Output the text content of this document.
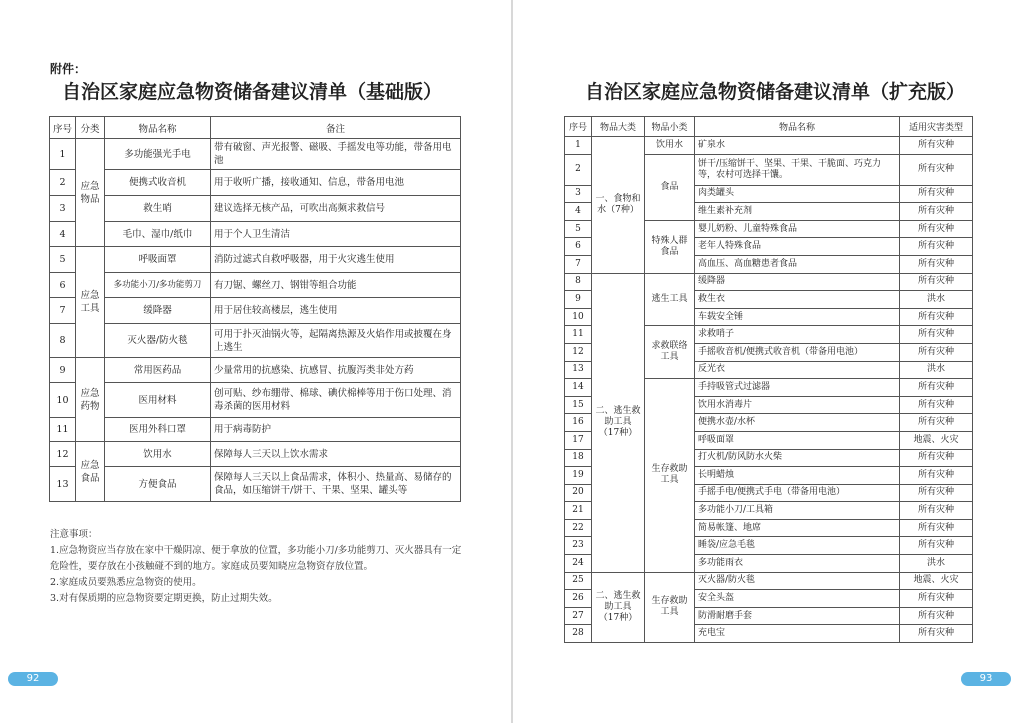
附件：
自治区家庭应急物资储备建议清单（基础版）
序号	分类	物品名称	备注
1	应急物品	多功能强光手电	带有破窗、声光报警、磁吸、手摇发电等功能，带备用电池
2		便携式收音机	用于收听广播，接收通知、信息，带备用电池
3		救生哨	建议选择无核产品，可吹出高频求救信号
4		毛巾、湿巾/纸巾	用于个人卫生清洁
5	应急工具	呼吸面罩	消防过滤式自救呼吸器，用于火灾逃生使用
6		多功能小刀/多功能剪刀	有刀锯、螺丝刀、钢钳等组合功能
7		缓降器	用于居住较高楼层，逃生使用
8		灭火器/防火毯	可用于扑灭油锅火等，起隔离热源及火焰作用或披覆在身上逃生
9	应急药物	常用医药品	少量常用的抗感染、抗感冒、抗腹泻类非处方药
10		医用材料	创可贴、纱布绷带、棉球、碘伏棉棒等用于伤口处理、消毒杀菌的医用材料
11		医用外科口罩	用于病毒防护
12	应急食品	饮用水	保障每人三天以上饮水需求
13		方便食品	保障每人三天以上食品需求，体积小、热量高、易储存的食品，如压缩饼干/饼干、干果、坚果、罐头等

注意事项：

1.应急物资应当存放在家中干燥阴凉、便于拿放的位置，多功能小刀/多功能剪刀、灭火器具有一定危险性，要存放在小孩触碰不到的地方。家庭成员要知晓应急物资存放位置。

2.家庭成员要熟悉应急物资的使用。

3.对有保质期的应急物资要定期更换，防止过期失效。

92
自治区家庭应急物资储备建议清单（扩充版）
序号	物品大类	物品小类	物品名称	适用灾害类型
1	一、食物和水（7种）	饮用水	矿泉水	所有灾种
2		食品	饼干/压缩饼干、坚果、干果、干脆面、巧克力等，农村可选择干馕。	所有灾种
3			肉类罐头	所有灾种
4			维生素补充剂	所有灾种
5		特殊人群食品	婴儿奶粉、儿童特殊食品	所有灾种
6			老年人特殊食品	所有灾种
7			高血压、高血糖患者食品	所有灾种
8	二、逃生救助工具（17种）	逃生工具	缓降器	所有灾种
9			救生衣	洪水
10			车载安全锤	所有灾种
11		求救联络工具	求救哨子	所有灾种
12			手摇收音机/便携式收音机（带备用电池）	所有灾种
13			反光衣	洪水
14		生存救助工具	手持吸管式过滤器	所有灾种
15			饮用水消毒片	所有灾种
16			便携水壶/水杯	所有灾种
17			呼吸面罩	地震、火灾
18			打火机/防风防水火柴	所有灾种
19			长明蜡烛	所有灾种
20			手摇手电/便携式手电（带备用电池）	所有灾种
21			多功能小刀/工具箱	所有灾种
22			简易帐篷、地席	所有灾种
23			睡袋/应急毛毯	所有灾种
24			多功能雨衣	洪水
25	二、逃生救助工具（17种）	生存救助工具	灭火器/防火毯	地震、火灾
26			安全头盔	所有灾种
27			防滑耐磨手套	所有灾种
28			充电宝	所有灾种
93
